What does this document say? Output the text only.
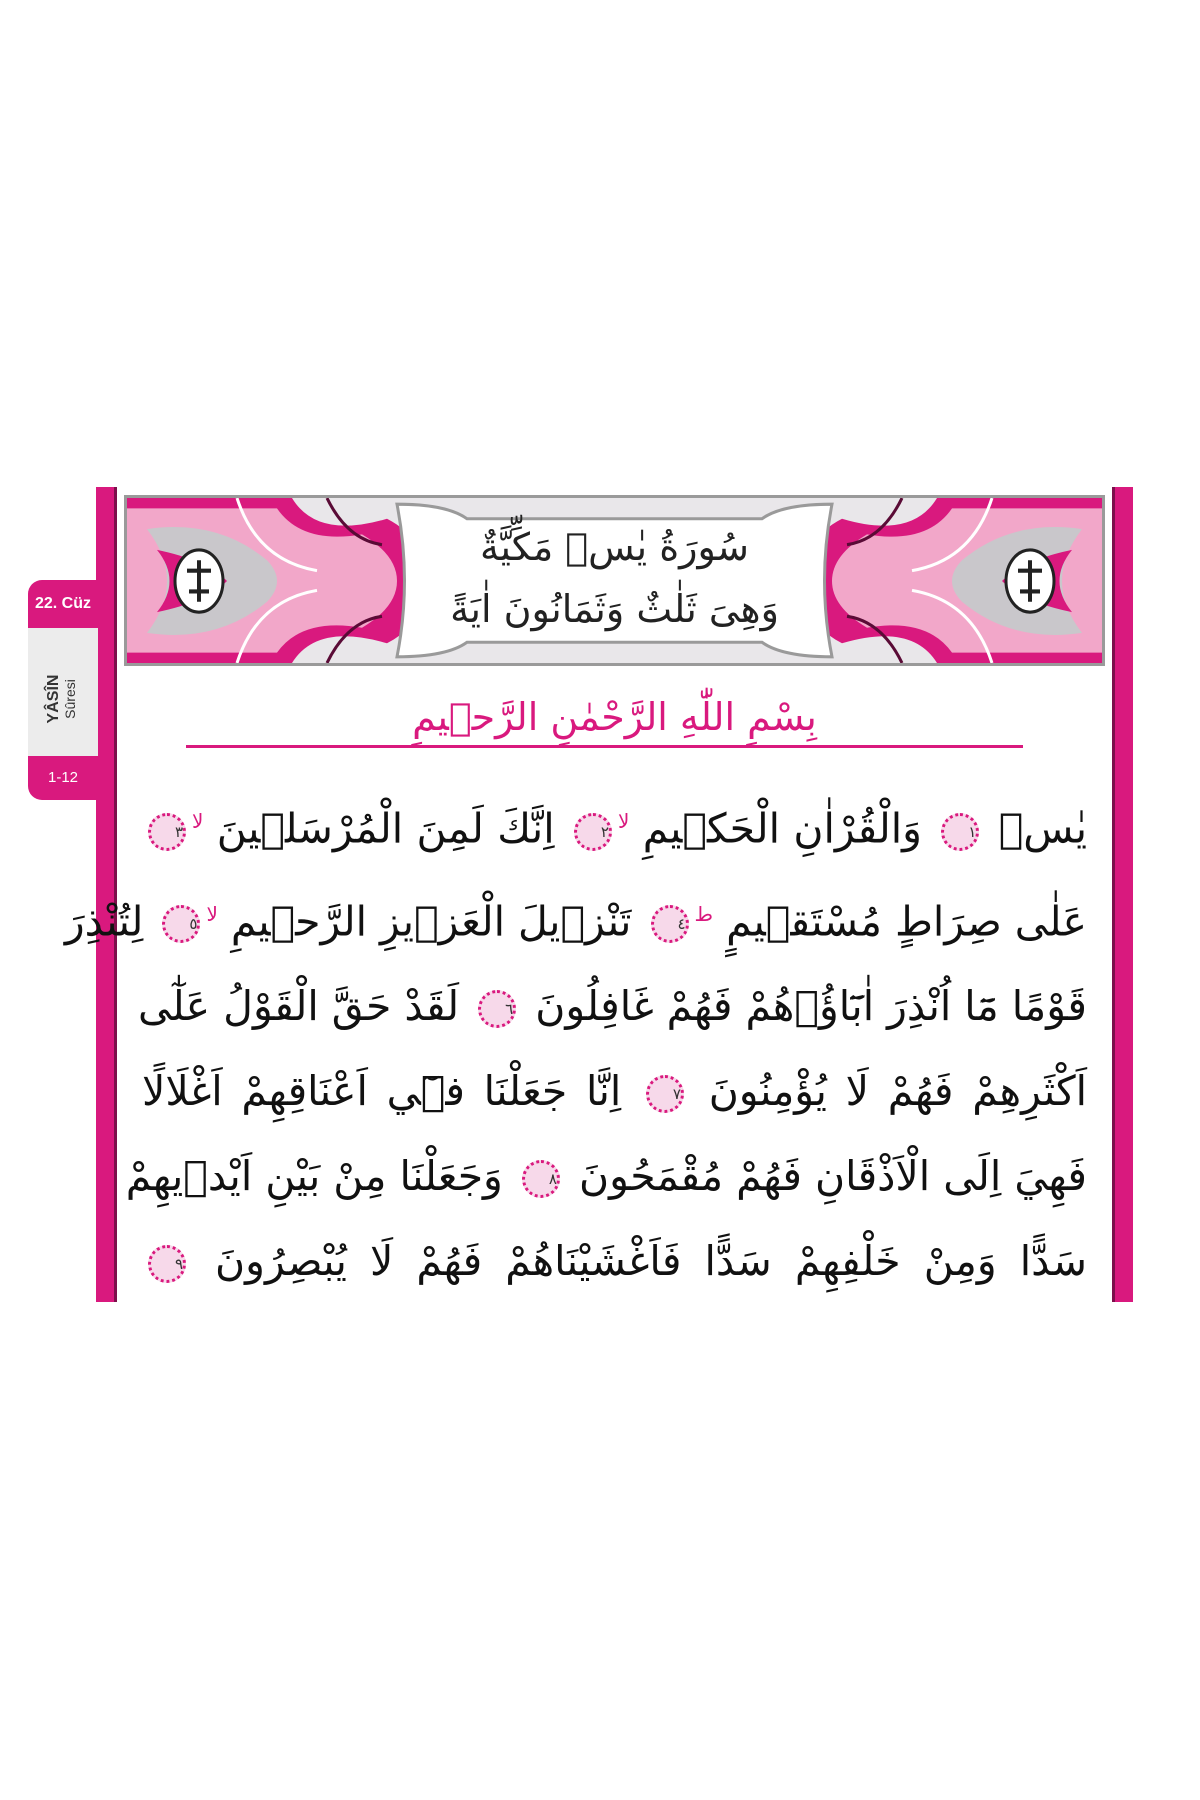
سُورَةُ يٰسۤ مَكِّيَّةٌ
وَهِىَ ثَلٰثٌ وَثَمَانُونَ اٰيَةً
بِسْمِ اللّٰهِ الرَّحْمٰنِ الرَّح۪يمِ
يٰسۤ ١ وَالْقُرْاٰنِ الْحَك۪يمِ $^{لا}$٢ اِنَّكَ لَمِنَ الْمُرْسَل۪ينَ $^{لا}$٣
عَلٰى صِرَاطٍ مُسْتَق۪يمٍ $^ط$٤ تَنْز۪يلَ الْعَز۪يزِ الرَّح۪يمِ $^{لا}$٥ لِتُنْذِرَ
قَوْمًا مَٓا اُنْذِرَ اٰبَٓاؤُ۬هُمْ فَهُمْ غَافِلُونَ ٦ لَقَدْ حَقَّ الْقَوْلُ عَلٰٓى
اَكْثَرِهِمْ فَهُمْ لَا يُؤْمِنُونَ ٧ اِنَّا جَعَلْنَا ف۪ٓي اَعْنَاقِهِمْ اَغْلَالًا
فَهِيَ اِلَى الْاَذْقَانِ فَهُمْ مُقْمَحُونَ ٨ وَجَعَلْنَا مِنْ بَيْنِ اَيْد۪يهِمْ
سَدًّا وَمِنْ خَلْفِهِمْ سَدًّا فَاَغْشَيْنَاهُمْ فَهُمْ لَا يُبْصِرُونَ ٩
22. Cüz
YÂSÎN Sûresi
1-12
